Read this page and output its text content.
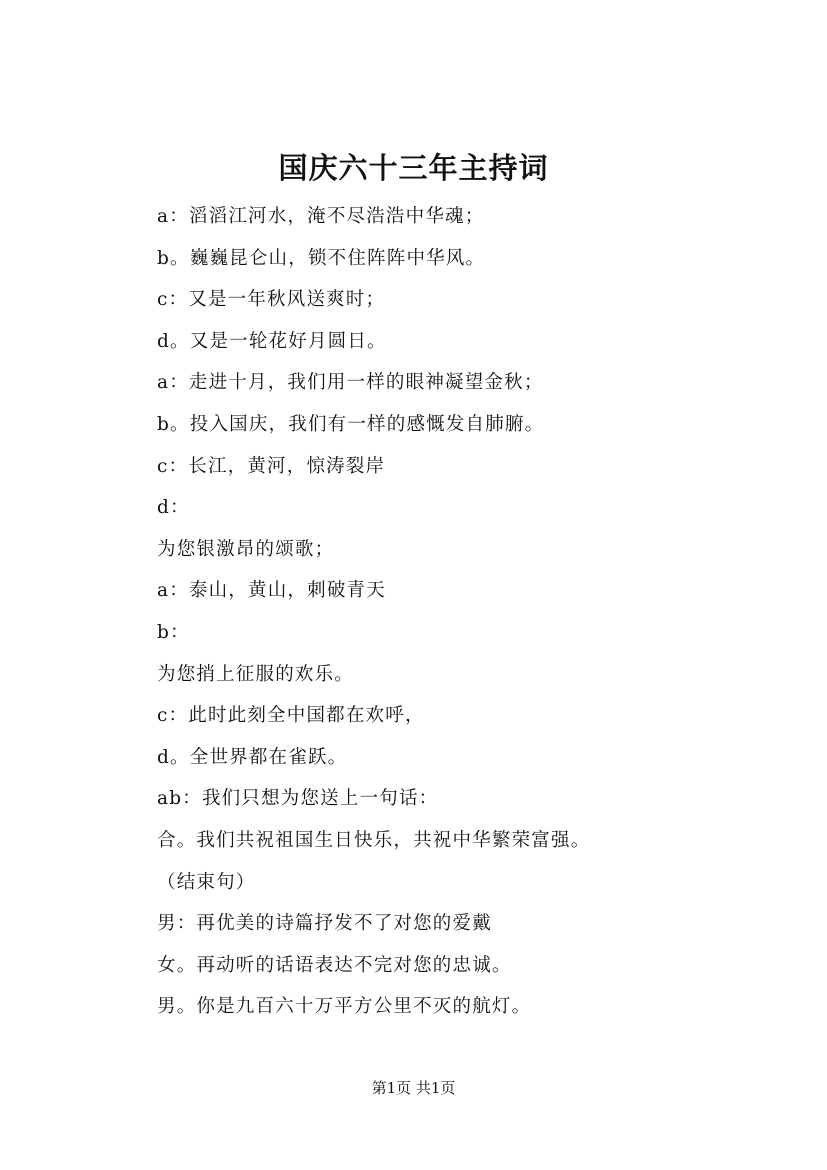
国庆六十三年主持词
a：滔滔江河水，淹不尽浩浩中华魂；
b。巍巍昆仑山，锁不住阵阵中华风。
c：又是一年秋风送爽时；
d。又是一轮花好月圆日。
a：走进十月，我们用一样的眼神凝望金秋；
b。投入国庆，我们有一样的感慨发自肺腑。
c：长江，黄河，惊涛裂岸
d：
为您银激昂的颂歌；
a：泰山，黄山，刺破青天
b：
为您捎上征服的欢乐。
c：此时此刻全中国都在欢呼，
d。全世界都在雀跃。
ab：我们只想为您送上一句话：
合。我们共祝祖国生日快乐，共祝中华繁荣富强。
（结束句）
男：再优美的诗篇抒发不了对您的爱戴
女。再动听的话语表达不完对您的忠诚。
男。你是九百六十万平方公里不灭的航灯。
第1页 共1页
